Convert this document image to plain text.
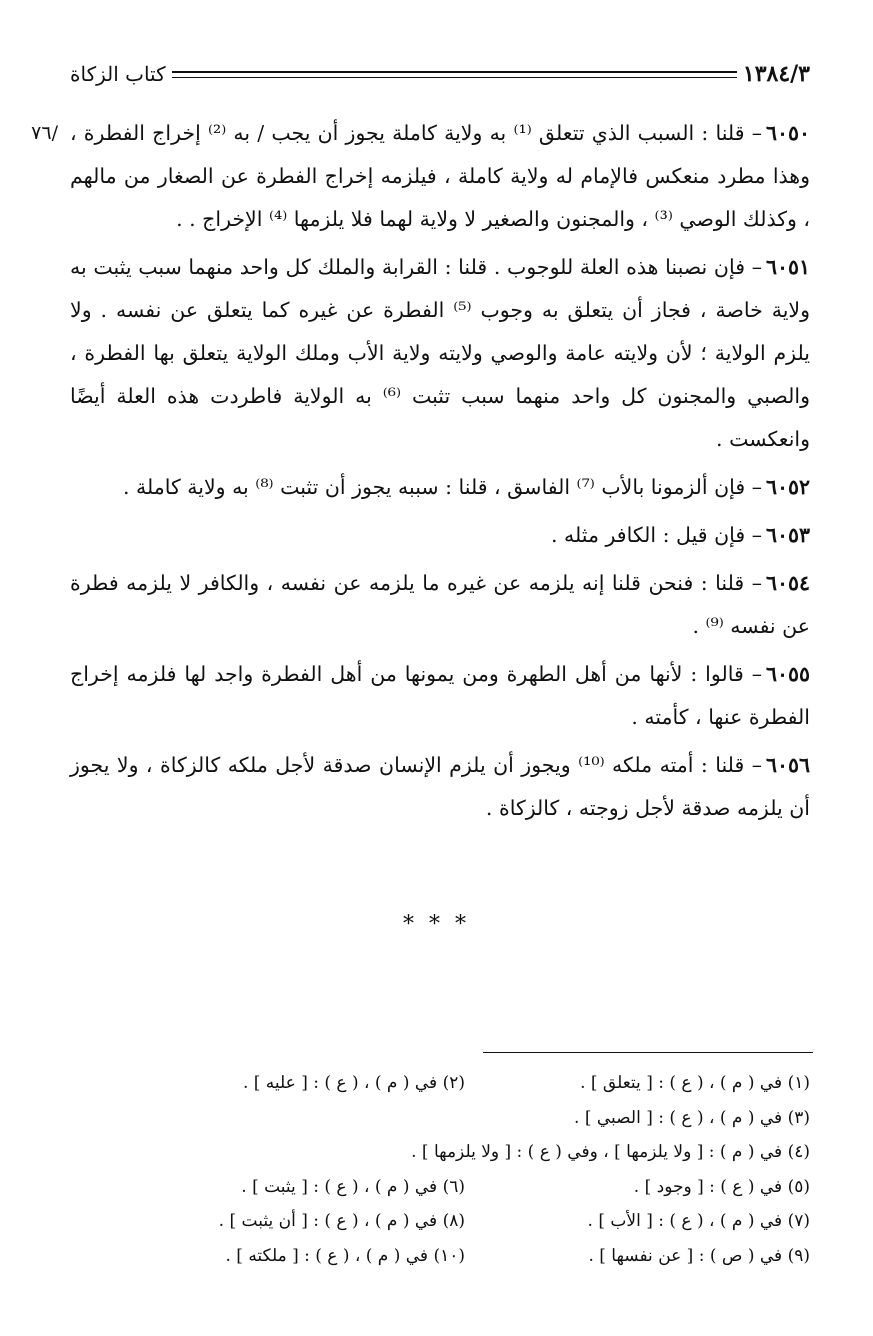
١٣٨٤/٣
كتاب الزكاة
/٧٦	٦٠٥٠– قلنا : السبب الذي تتعلق ⁽¹⁾ به ولاية كاملة يجوز أن يجب / به ⁽²⁾ إخراج الفطرة ، وهذا مطرد منعكس فالإمام له ولاية كاملة ، فيلزمه إخراج الفطرة عن الصغار من مالهم ، وكذلك الوصي ⁽³⁾ ، والمجنون والصغير لا ولاية لهما فلا يلزمها ⁽⁴⁾ الإخراج . .

٦٠٥١– فإن نصبنا هذه العلة للوجوب . قلنا : القرابة والملك كل واحد منهما سبب يثبت به ولاية خاصة ، فجاز أن يتعلق به وجوب ⁽⁵⁾ الفطرة عن غيره كما يتعلق عن نفسه . ولا يلزم الولاية ؛ لأن ولايته عامة والوصي ولايته ولاية الأب وملك الولاية يتعلق بها الفطرة ، والصبي والمجنون كل واحد منهما سبب تثبت ⁽⁶⁾ به الولاية فاطردت هذه العلة أيضًا وانعكست .

٦٠٥٢– فإن ألزمونا بالأب ⁽⁷⁾ الفاسق ، قلنا : سببه يجوز أن تثبت ⁽⁸⁾ به ولاية كاملة .

٦٠٥٣– فإن قيل : الكافر مثله .

٦٠٥٤– قلنا : فنحن قلنا إنه يلزمه عن غيره ما يلزمه عن نفسه ، والكافر لا يلزمه فطرة عن نفسه ⁽⁹⁾ .

٦٠٥٥– قالوا : لأنها من أهل الطهرة ومن يمونها من أهل الفطرة واجد لها فلزمه إخراج الفطرة عنها ، كأمته .

٦٠٥٦– قلنا : أمته ملكه ⁽¹⁰⁾ ويجوز أن يلزم الإنسان صدقة لأجل ملكه كالزكاة ، ولا يجوز أن يلزمه صدقة لأجل زوجته ، كالزكاة .

* * *
(١) في ( م ) ، ( ع ) : [ يتعلق ] .
(٢) في ( م ) ، ( ع ) : [ عليه ] .
(٣) في ( م ) ، ( ع ) : [ الصبي ] .
(٤) في ( م ) : [ ولا يلزمها ] ، وفي ( ع ) : [ ولا يلزمها ] .
(٥) في ( ع ) : [ وجود ] .
(٦) في ( م ) ، ( ع ) : [ يثبت ] .
(٧) في ( م ) ، ( ع ) : [ الأب ] .
(٨) في ( م ) ، ( ع ) : [ أن يثبت ] .
(٩) في ( ص ) : [ عن نفسها ] .
(١٠) في ( م ) ، ( ع ) : [ ملكته ] .
